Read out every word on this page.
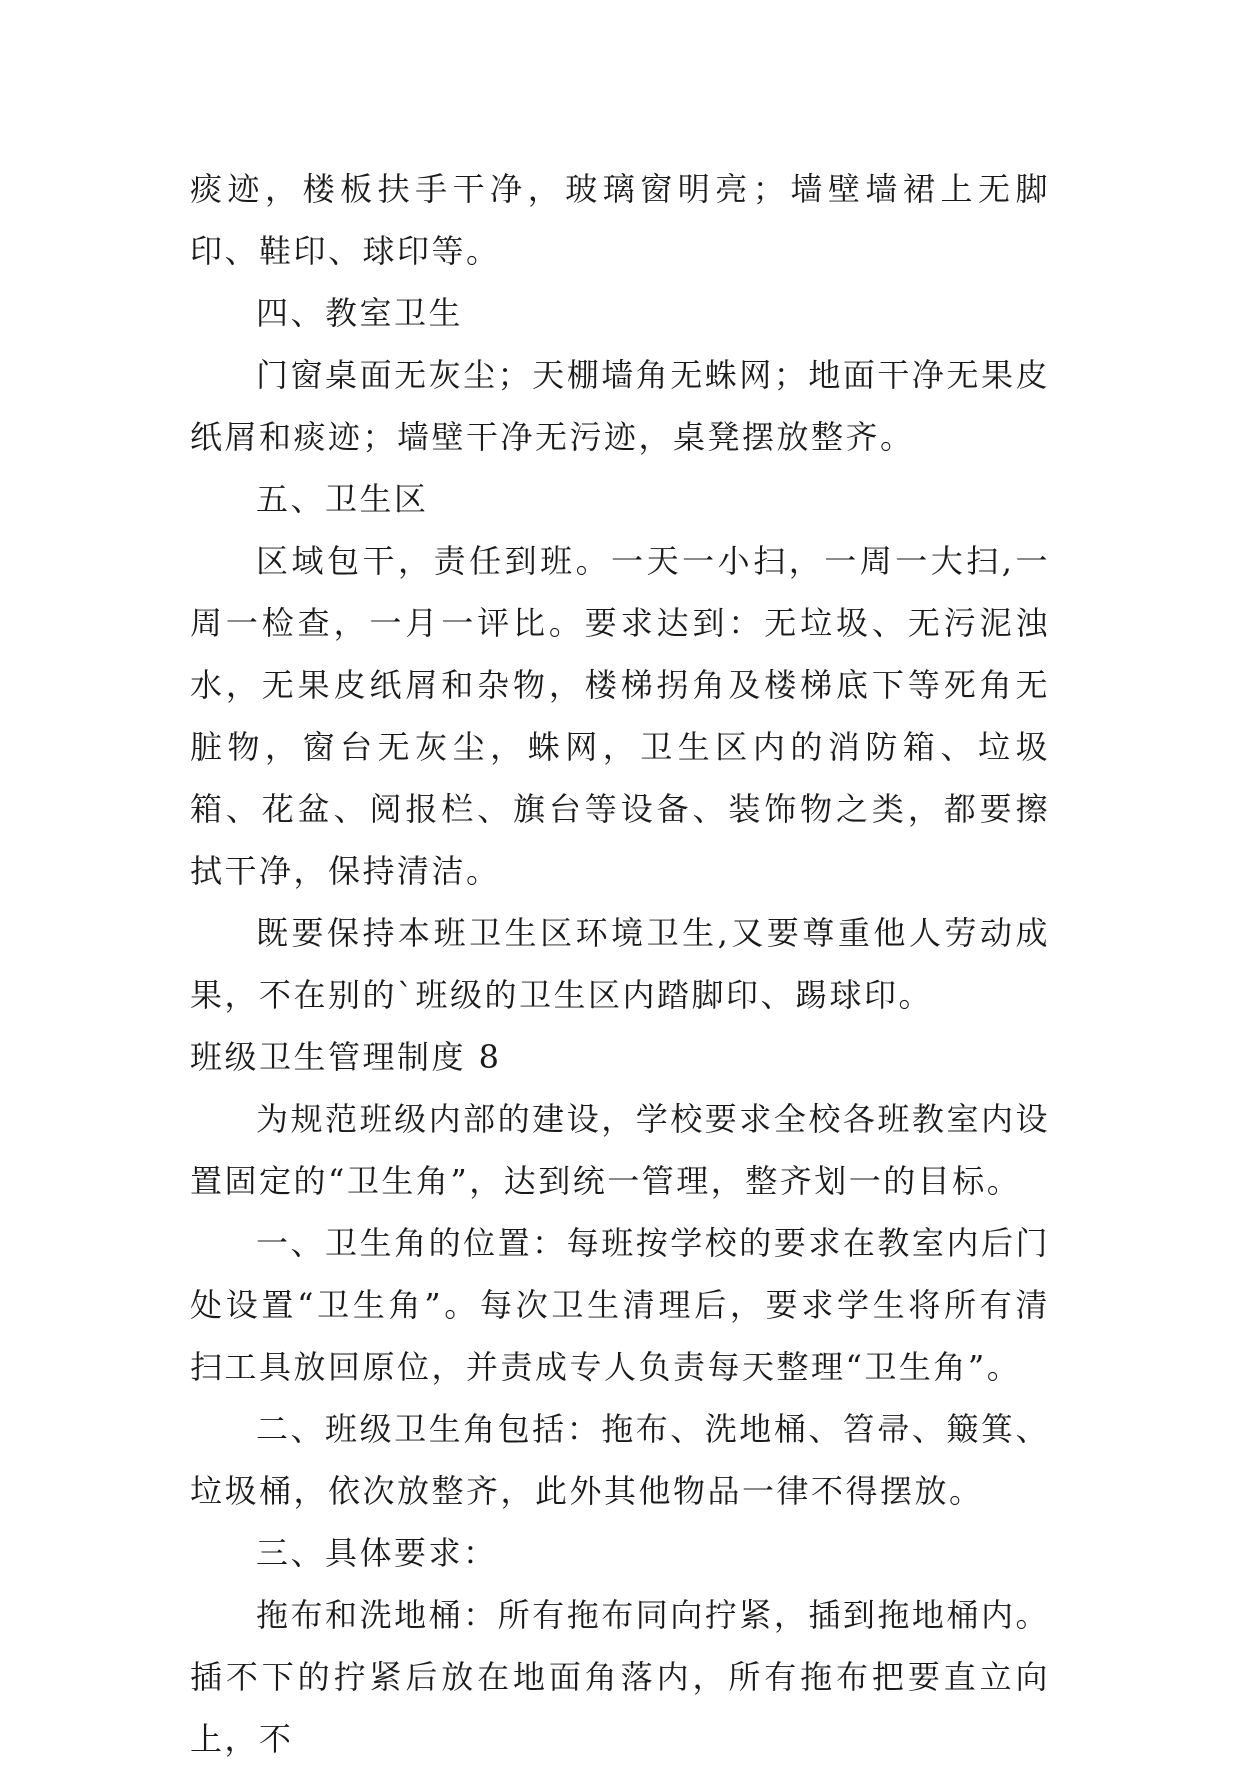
痰迹，楼板扶手干净，玻璃窗明亮；墙壁墙裙上无脚印、鞋印、球印等。

四、教室卫生

门窗桌面无灰尘；天棚墙角无蛛网；地面干净无果皮纸屑和痰迹；墙壁干净无污迹，桌凳摆放整齐。

五、卫生区

区域包干，责任到班。一天一小扫，一周一大扫,一周一检查，一月一评比。要求达到：无垃圾、无污泥浊水，无果皮纸屑和杂物，楼梯拐角及楼梯底下等死角无脏物，窗台无灰尘，蛛网，卫生区内的消防箱、垃圾箱、花盆、阅报栏、旗台等设备、装饰物之类，都要擦拭干净，保持清洁。

既要保持本班卫生区环境卫生,又要尊重他人劳动成果，不在别的`班级的卫生区内踏脚印、踢球印。

班级卫生管理制度 8

为规范班级内部的建设，学校要求全校各班教室内设置固定的“卫生角”，达到统一管理，整齐划一的目标。

一、卫生角的位置：每班按学校的要求在教室内后门处设置“卫生角”。每次卫生清理后，要求学生将所有清扫工具放回原位，并责成专人负责每天整理“卫生角”。

二、班级卫生角包括：拖布、洗地桶、笤帚、簸箕、垃圾桶，依次放整齐，此外其他物品一律不得摆放。

三、具体要求：

拖布和洗地桶：所有拖布同向拧紧，插到拖地桶内。插不下的拧紧后放在地面角落内，所有拖布把要直立向上，不
